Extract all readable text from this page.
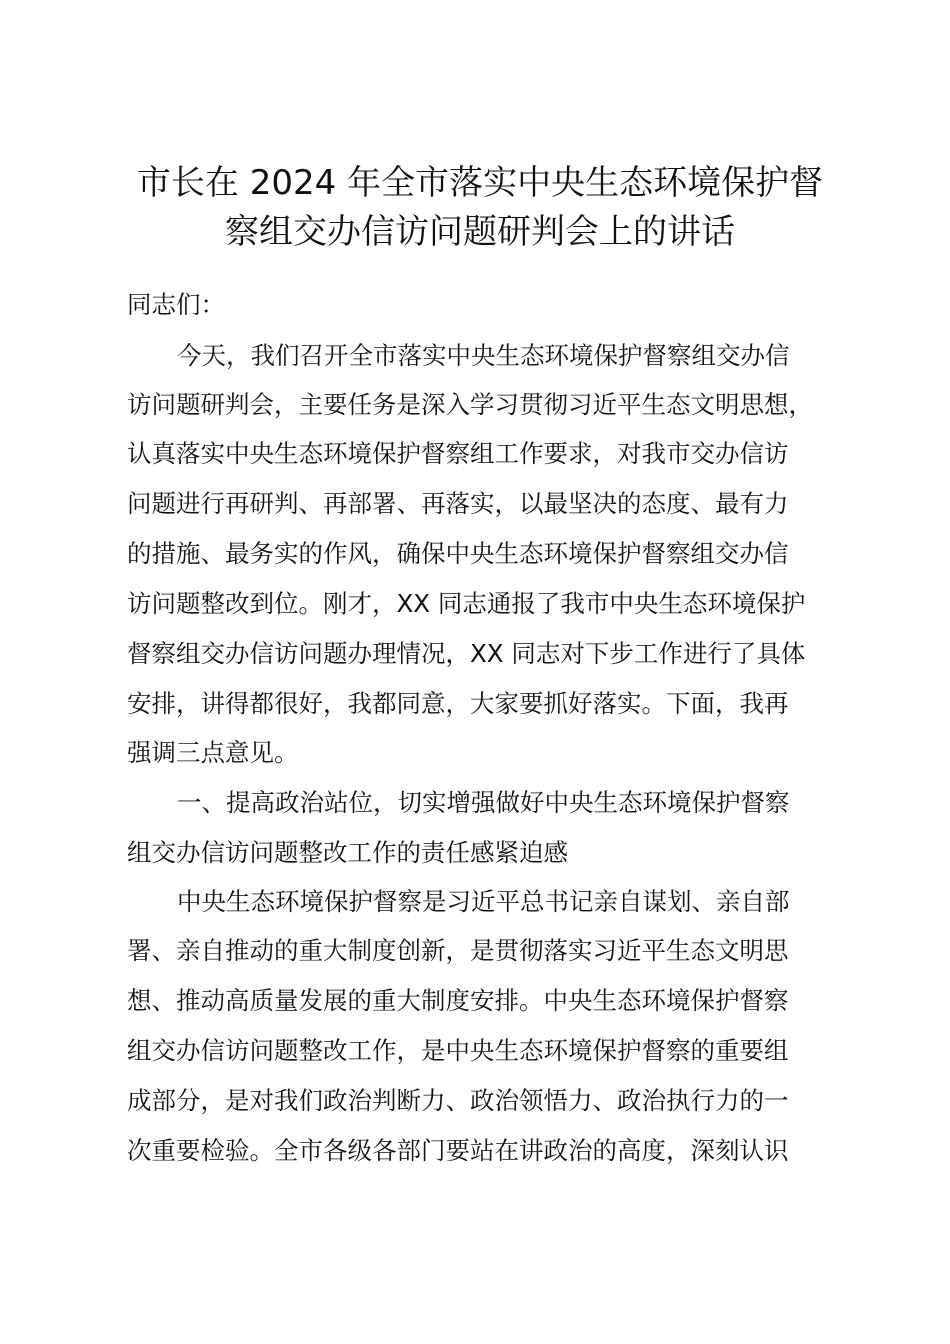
市长在 2024 年全市落实中央生态环境保护督
察组交办信访问题研判会上的讲话

同志们：

今天，我们召开全市落实中央生态环境保护督察组交办信

访问题研判会，主要任务是深入学习贯彻习近平生态文明思想，

认真落实中央生态环境保护督察组工作要求，对我市交办信访

问题进行再研判、再部署、再落实，以最坚决的态度、最有力

的措施、最务实的作风，确保中央生态环境保护督察组交办信

访问题整改到位。刚才，XX 同志通报了我市中央生态环境保护

督察组交办信访问题办理情况，XX 同志对下步工作进行了具体

安排，讲得都很好，我都同意，大家要抓好落实。下面，我再

强调三点意见。

一、提高政治站位，切实增强做好中央生态环境保护督察

组交办信访问题整改工作的责任感紧迫感

中央生态环境保护督察是习近平总书记亲自谋划、亲自部

署、亲自推动的重大制度创新，是贯彻落实习近平生态文明思

想、推动高质量发展的重大制度安排。中央生态环境保护督察

组交办信访问题整改工作，是中央生态环境保护督察的重要组

成部分，是对我们政治判断力、政治领悟力、政治执行力的一

次重要检验。全市各级各部门要站在讲政治的高度，深刻认识
